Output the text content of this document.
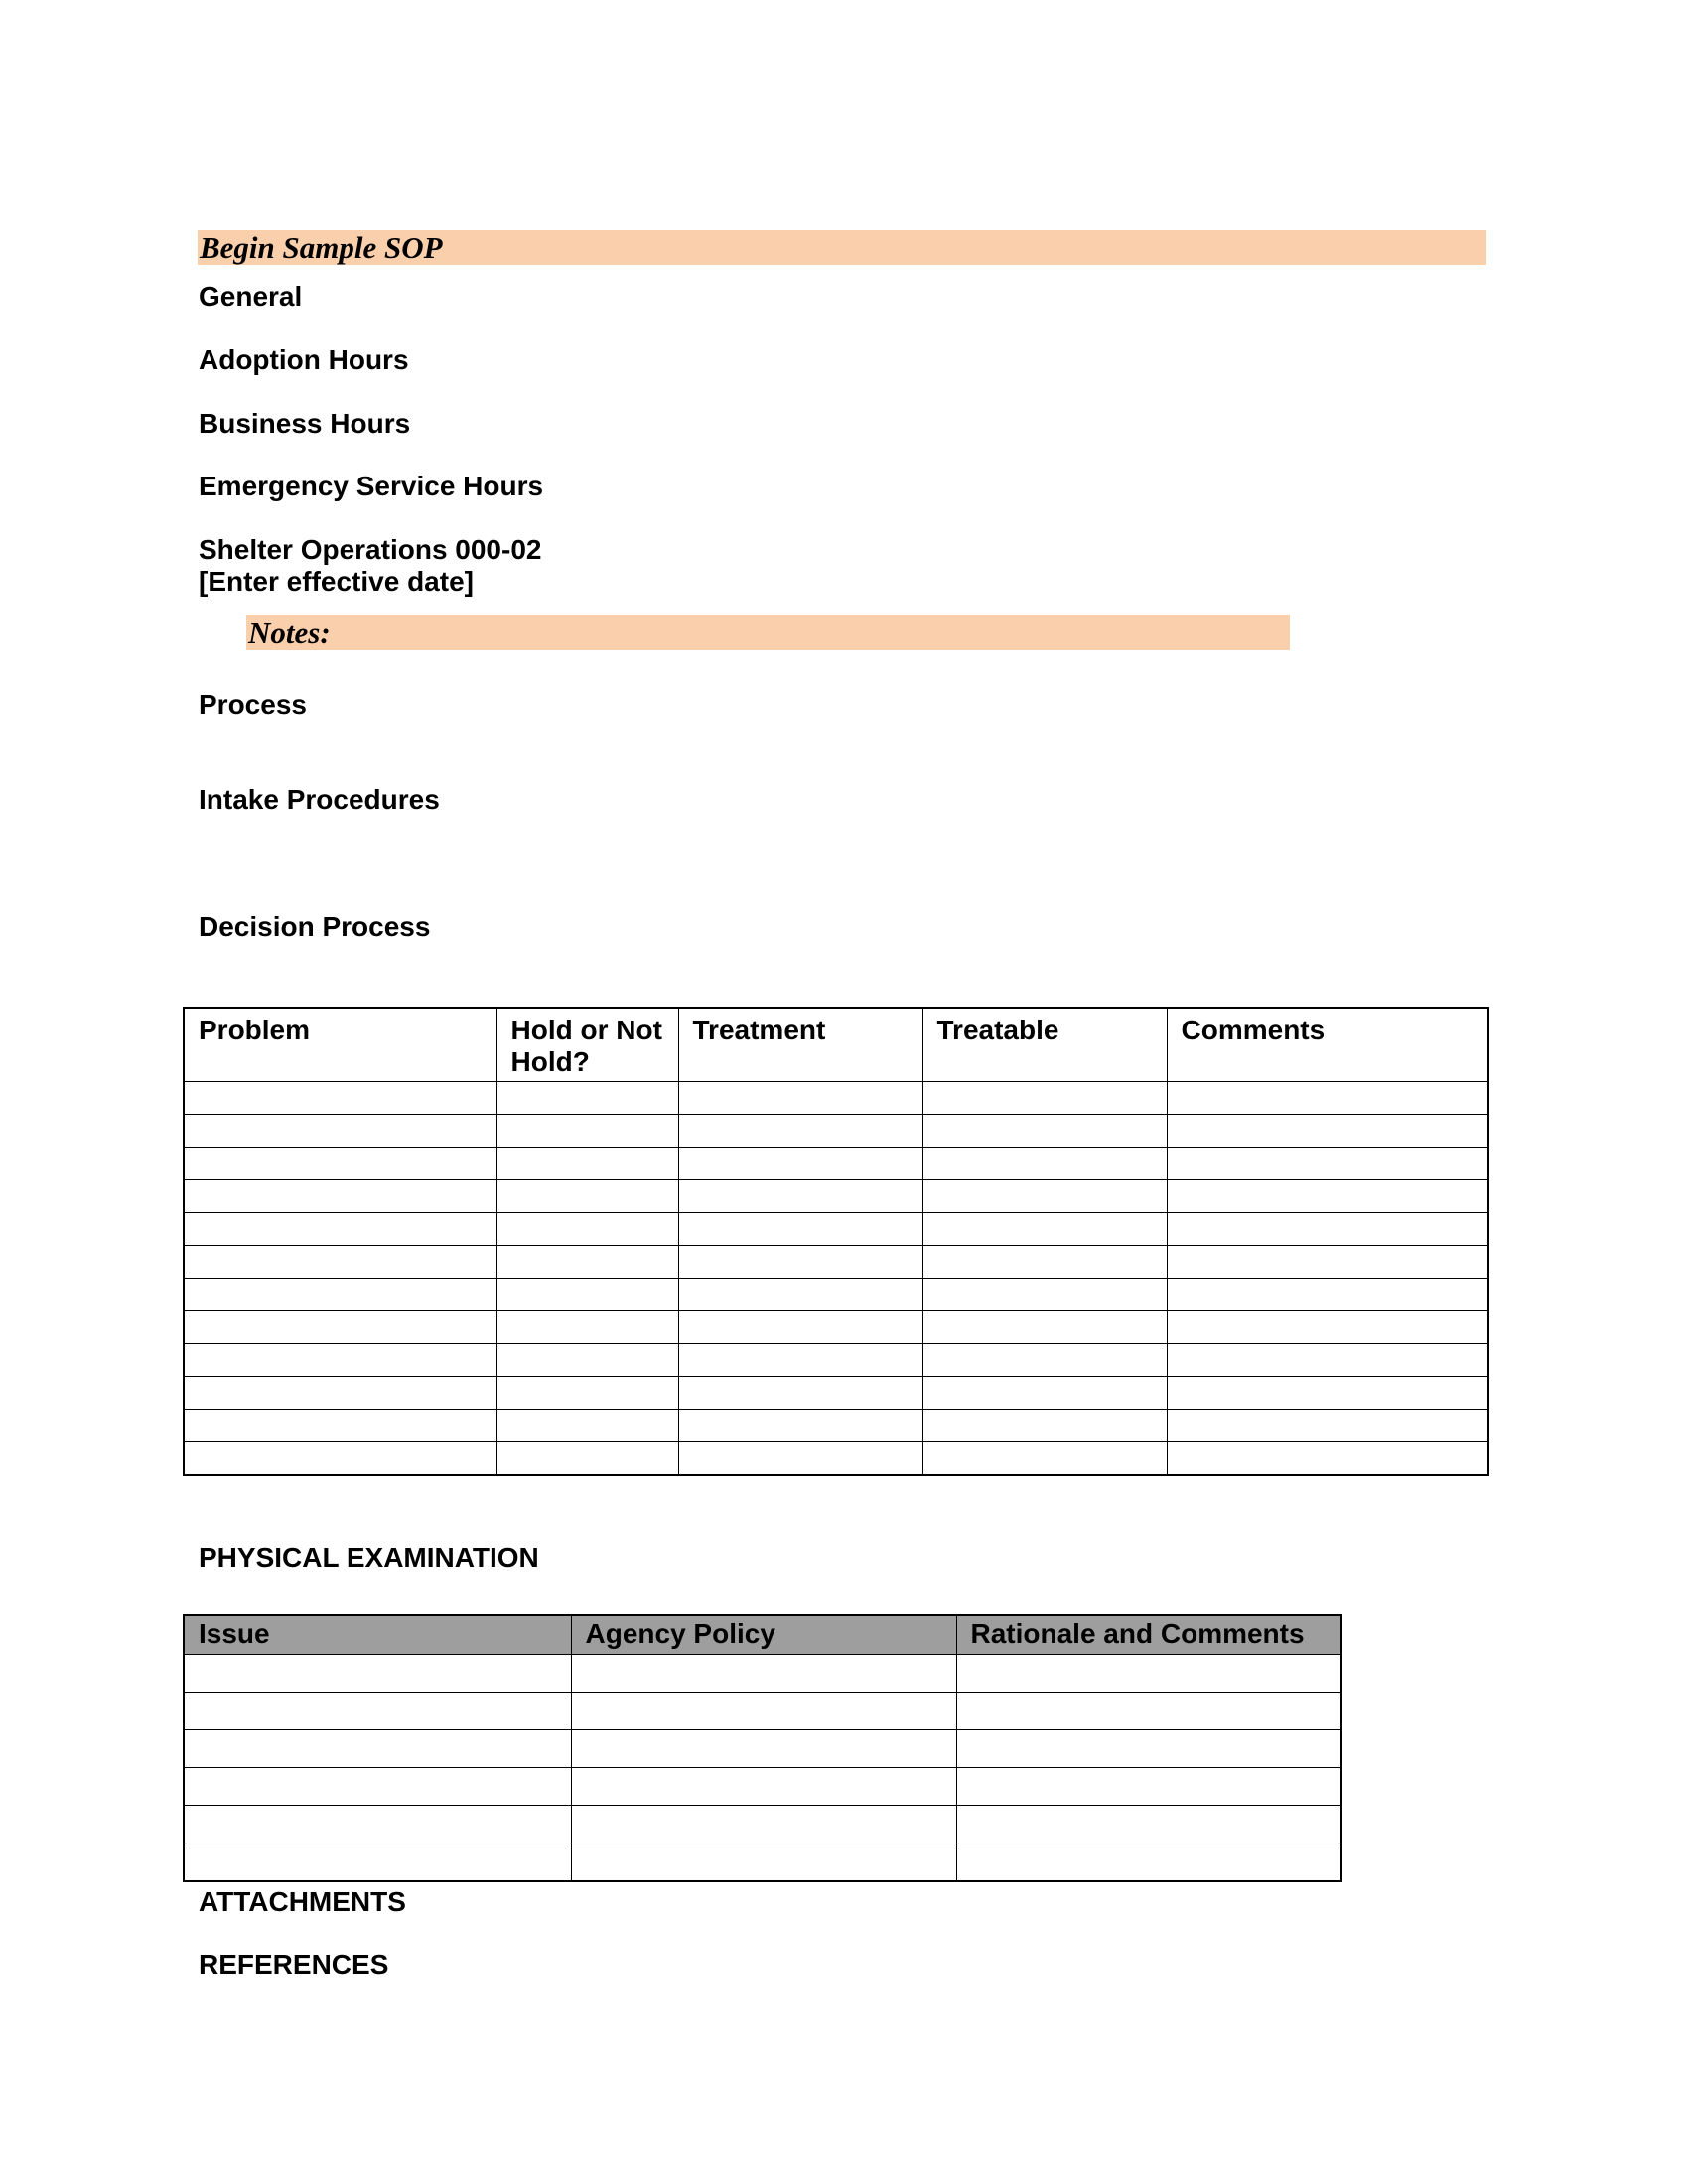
Begin Sample SOP
General
Adoption Hours
Business Hours
Emergency Service Hours
Shelter Operations 000-02
[Enter effective date]
Notes:
Process
Intake Procedures
Decision Process
Problem	Hold or Not Hold?	Treatment	Treatable	Comments

PHYSICAL EXAMINATION
Issue	Agency Policy	Rationale and Comments

ATTACHMENTS
REFERENCES
